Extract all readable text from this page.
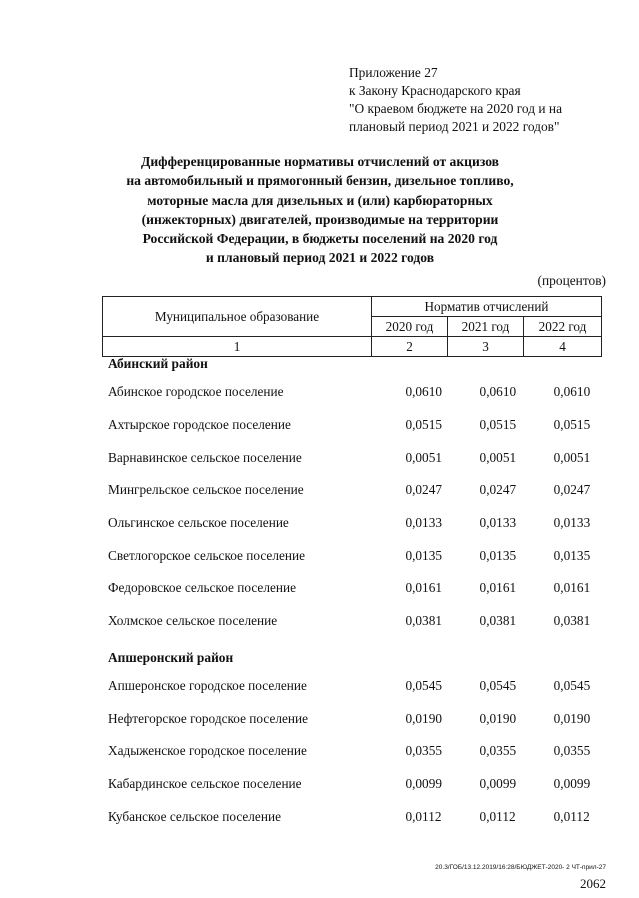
Приложение 27
к Закону Краснодарского края
"О краевом бюджете на 2020 год и на
плановый период 2021 и 2022 годов"
Дифференцированные нормативы отчислений от акцизов
на автомобильный и прямогонный бензин, дизельное топливо,
моторные масла для дизельных и (или) карбюраторных
(инжекторных) двигателей, производимые на территории
Российской Федерации, в бюджеты поселений на 2020 год
и плановый период 2021 и 2022 годов
(процентов)
Муниципальное образование	Норматив отчислений		
	2020 год	2021 год	2022 год
1	2	3	4
Абинский район
Абинское городское поселение	0,0610	0,0610	0,0610
Ахтырское городское поселение	0,0515	0,0515	0,0515
Варнавинское сельское поселение	0,0051	0,0051	0,0051
Мингрельское сельское поселение	0,0247	0,0247	0,0247
Ольгинское сельское поселение	0,0133	0,0133	0,0133
Светлогорское сельское поселение	0,0135	0,0135	0,0135
Федоровское сельское поселение	0,0161	0,0161	0,0161
Холмское сельское поселение	0,0381	0,0381	0,0381
Апшеронский район
Апшеронское городское поселение	0,0545	0,0545	0,0545
Нефтегорское городское поселение	0,0190	0,0190	0,0190
Хадыженское городское поселение	0,0355	0,0355	0,0355
Кабардинское сельское поселение	0,0099	0,0099	0,0099
Кубанское сельское поселение	0,0112	0,0112	0,0112
20.3/ГОБ/13.12.2019/16:28/БЮДЖЕТ-2020- 2 ЧТ-прил-27
2062
